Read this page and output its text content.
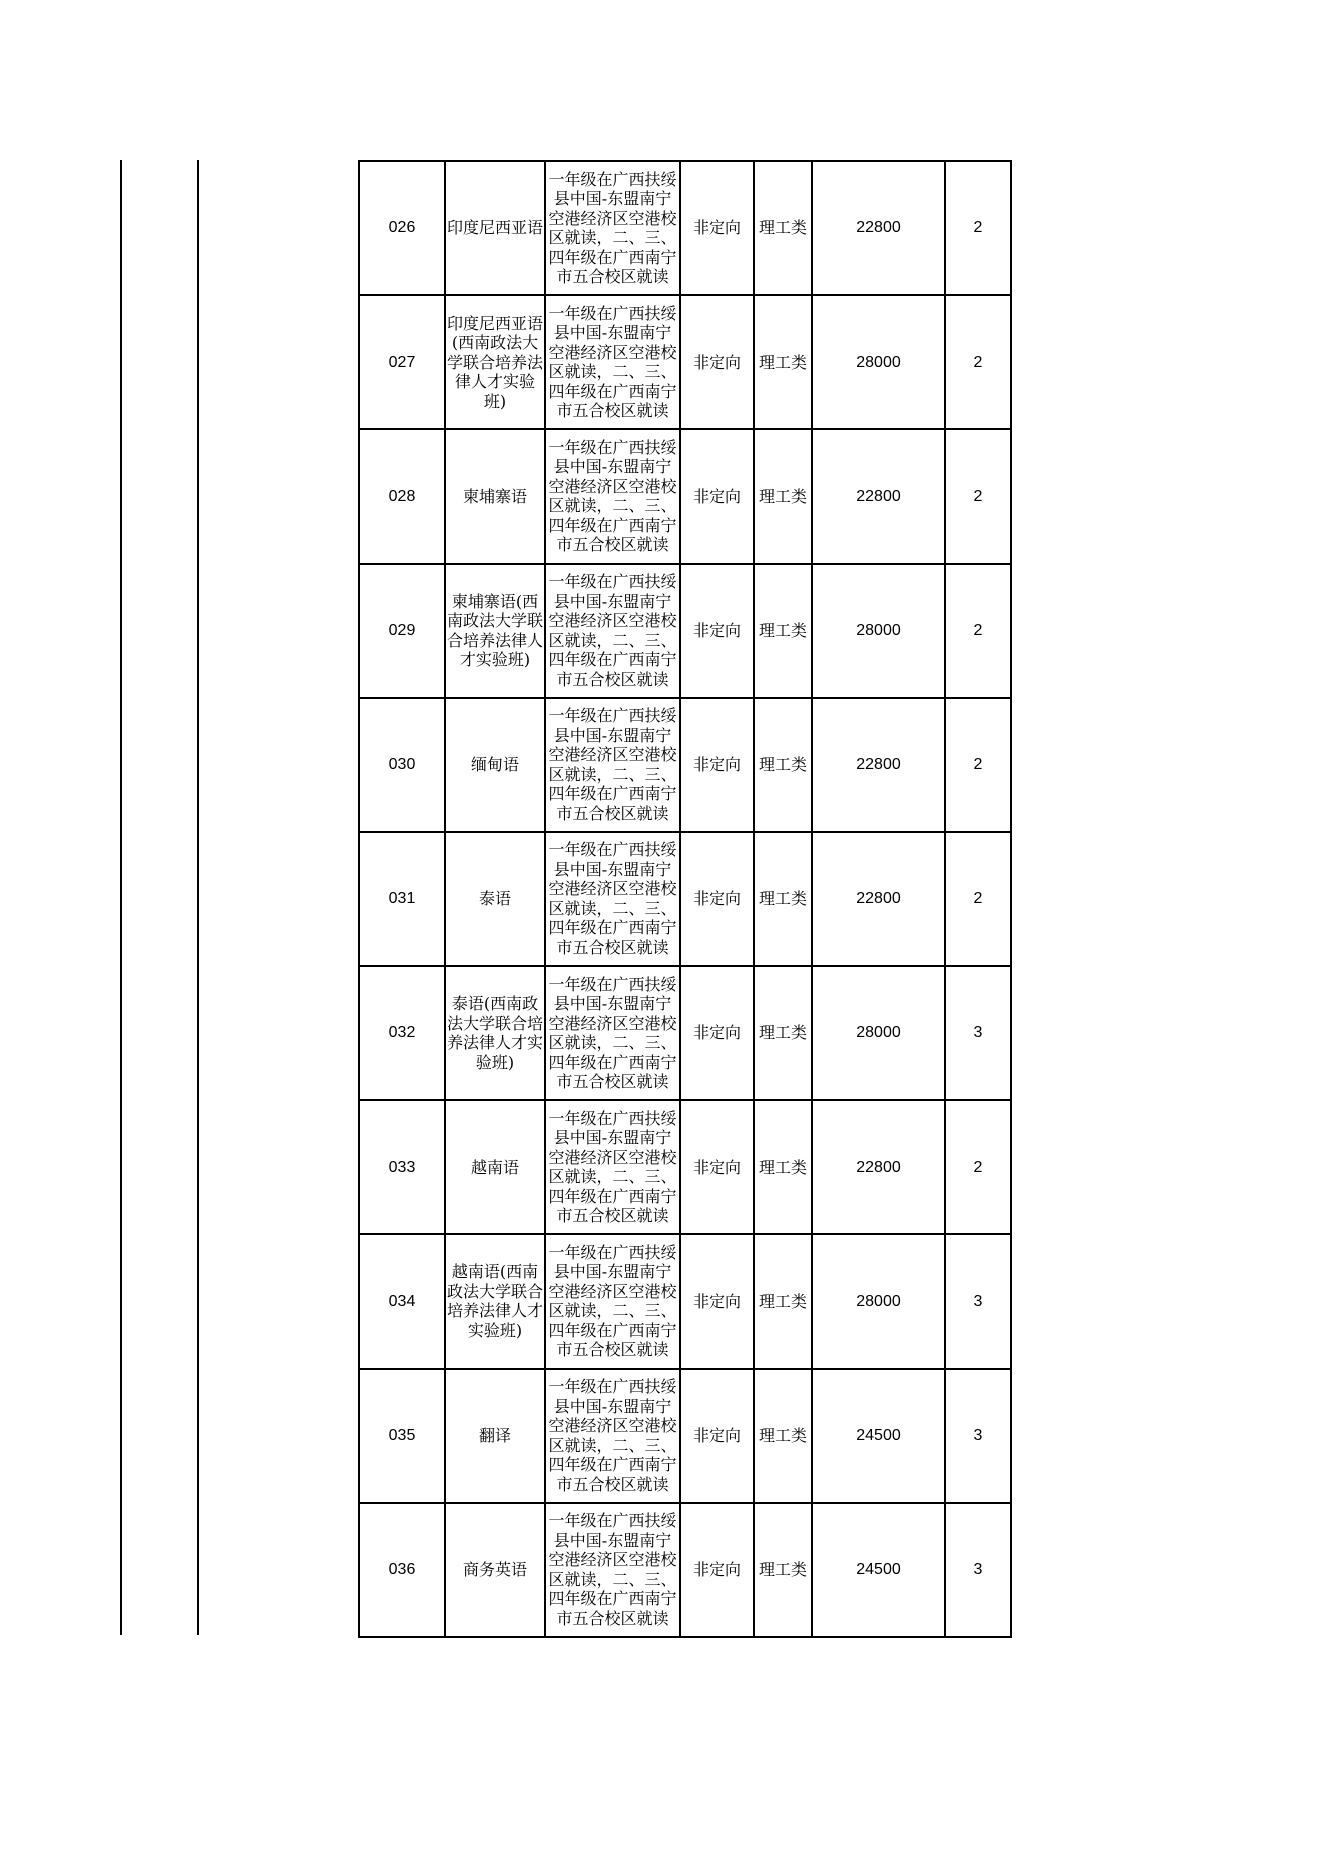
026	印度尼西亚语	一年级在广西扶绥县中国-东盟南宁空港经济区空港校区就读，二、三、四年级在广西南宁市五合校区就读	非定向	理工类	22800	2
027	印度尼西亚语(西南政法大学联合培养法律人才实验班)	一年级在广西扶绥县中国-东盟南宁空港经济区空港校区就读，二、三、四年级在广西南宁市五合校区就读	非定向	理工类	28000	2
028	柬埔寨语	一年级在广西扶绥县中国-东盟南宁空港经济区空港校区就读，二、三、四年级在广西南宁市五合校区就读	非定向	理工类	22800	2
029	柬埔寨语(西南政法大学联合培养法律人才实验班)	一年级在广西扶绥县中国-东盟南宁空港经济区空港校区就读，二、三、四年级在广西南宁市五合校区就读	非定向	理工类	28000	2
030	缅甸语	一年级在广西扶绥县中国-东盟南宁空港经济区空港校区就读，二、三、四年级在广西南宁市五合校区就读	非定向	理工类	22800	2
031	泰语	一年级在广西扶绥县中国-东盟南宁空港经济区空港校区就读，二、三、四年级在广西南宁市五合校区就读	非定向	理工类	22800	2
032	泰语(西南政法大学联合培养法律人才实验班)	一年级在广西扶绥县中国-东盟南宁空港经济区空港校区就读，二、三、四年级在广西南宁市五合校区就读	非定向	理工类	28000	3
033	越南语	一年级在广西扶绥县中国-东盟南宁空港经济区空港校区就读，二、三、四年级在广西南宁市五合校区就读	非定向	理工类	22800	2
034	越南语(西南政法大学联合培养法律人才实验班)	一年级在广西扶绥县中国-东盟南宁空港经济区空港校区就读，二、三、四年级在广西南宁市五合校区就读	非定向	理工类	28000	3
035	翻译	一年级在广西扶绥县中国-东盟南宁空港经济区空港校区就读，二、三、四年级在广西南宁市五合校区就读	非定向	理工类	24500	3
036	商务英语	一年级在广西扶绥县中国-东盟南宁空港经济区空港校区就读，二、三、四年级在广西南宁市五合校区就读	非定向	理工类	24500	3
